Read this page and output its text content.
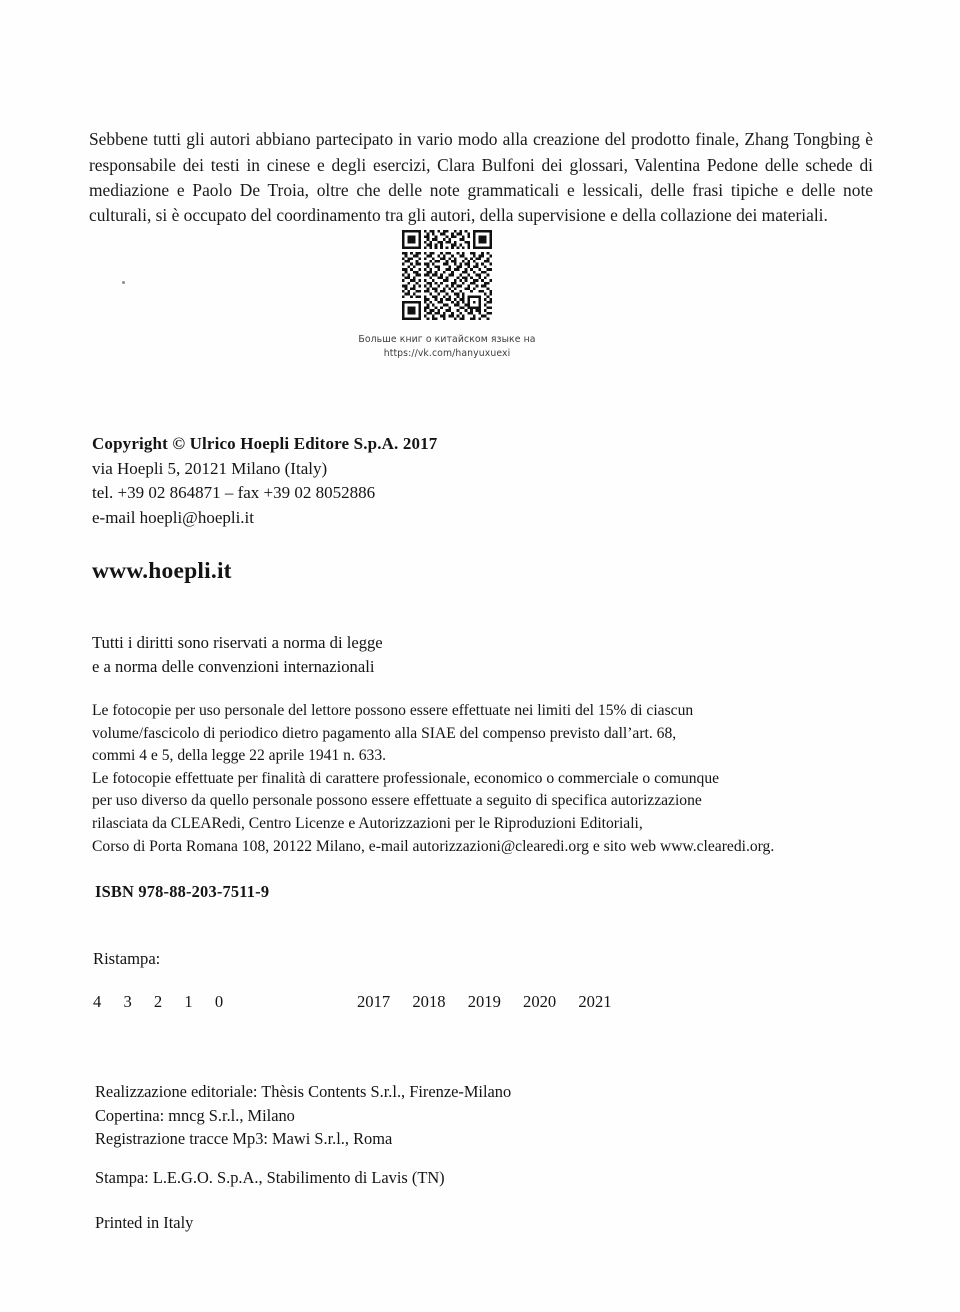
Sebbene tutti gli autori abbiano partecipato in vario modo alla creazione del prodotto finale, Zhang Tongbing è responsabile dei testi in cinese e degli esercizi, Clara Bulfoni dei glossari, Valentina Pedone delle schede di mediazione e Paolo De Troia, oltre che delle note grammaticali e lessicali, delle frasi tipiche e delle note culturali, si è occupato del coordinamento tra gli autori, della supervisione e della collazione dei materiali.

Больше книг о китайском языке на
https://vk.com/hanyuxuexi
Copyright © Ulrico Hoepli Editore S.p.A. 2017
via Hoepli 5, 20121 Milano (Italy)
tel. +39 02 864871 – fax +39 02 8052886
e-mail hoepli@hoepli.it
www.hoepli.it
Tutti i diritti sono riservati a norma di legge
e a norma delle convenzioni internazionali
Le fotocopie per uso personale del lettore possono essere effettuate nei limiti del 15% di ciascun
volume/fascicolo di periodico dietro pagamento alla SIAE del compenso previsto dall’art. 68,
commi 4 e 5, della legge 22 aprile 1941 n. 633.
Le fotocopie effettuate per finalità di carattere professionale, economico o commerciale o comunque
per uso diverso da quello personale possono essere effettuate a seguito di specifica autorizzazione
rilasciata da CLEARedi, Centro Licenze e Autorizzazioni per le Riproduzioni Editoriali,
Corso di Porta Romana 108, 20122 Milano, e-mail autorizzazioni@clearedi.org e sito web www.clearedi.org.
ISBN 978-88-203-7511-9
Ristampa:
4 3 2 1 0	2017 2018 2019 2020 2021
Realizzazione editoriale: Thèsis Contents S.r.l., Firenze-Milano
Copertina: mncg S.r.l., Milano
Registrazione tracce Mp3: Mawi S.r.l., Roma
Stampa: L.E.G.O. S.p.A., Stabilimento di Lavis (TN)
Printed in Italy
